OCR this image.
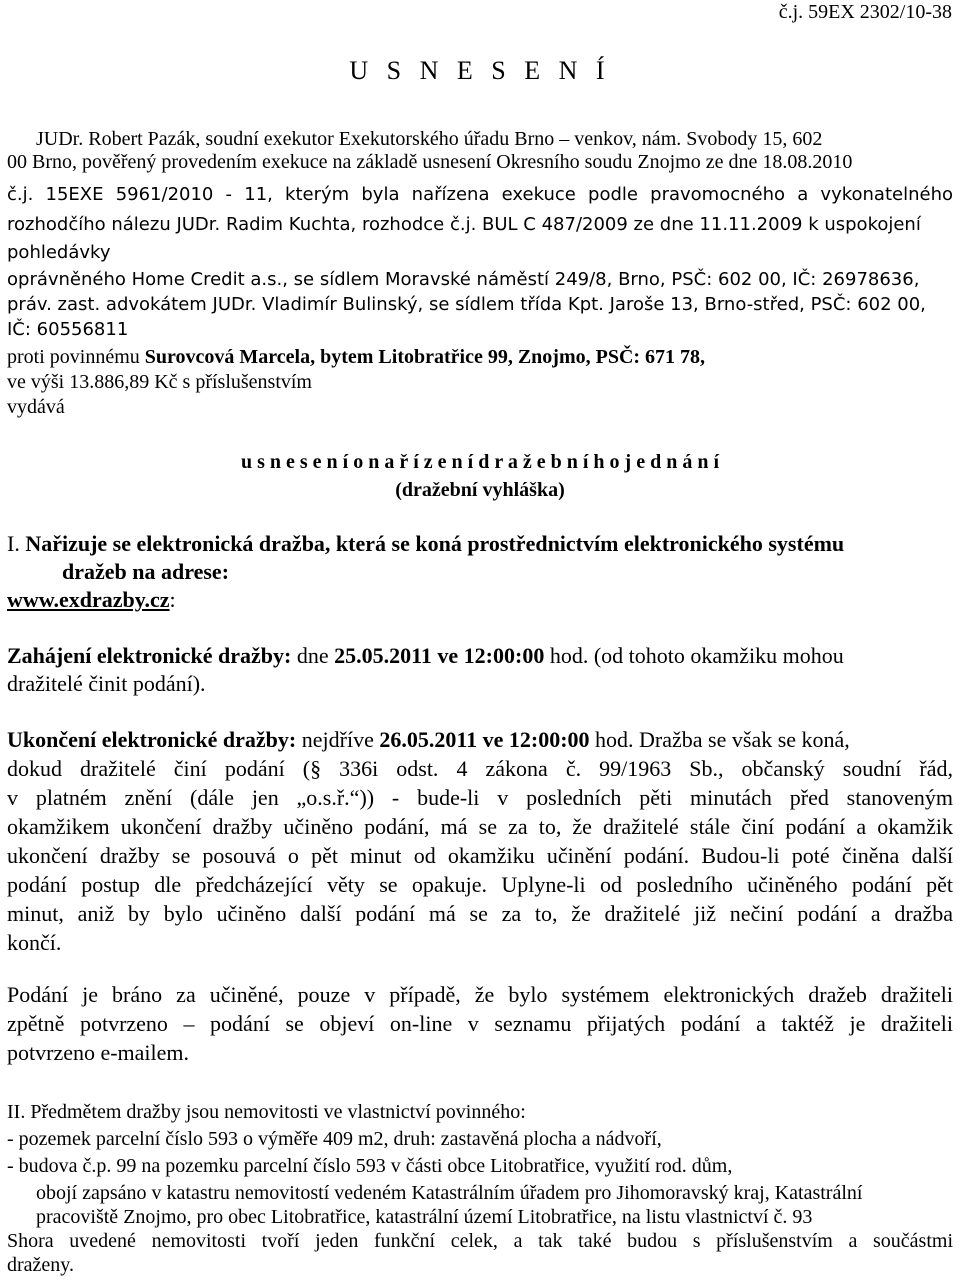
č.j. 59EX 2302/10-38
U S N E S E N Í
JUDr. Robert Pazák, soudní exekutor Exekutorského úřadu Brno – venkov, nám. Svobody 15, 602
00 Brno, pověřený provedením exekuce na základě usnesení Okresního soudu Znojmo ze dne 18.08.2010
č.j. 15EXE 5961/2010 - 11, kterým byla nařízena exekuce podle pravomocného a vykonatelného
rozhodčího nálezu JUDr. Radim Kuchta, rozhodce č.j. BUL C 487/2009 ze dne 11.11.2009 k uspokojení
pohledávky
oprávněného Home Credit a.s., se sídlem Moravské náměstí 249/8, Brno, PSČ: 602 00, IČ: 26978636,
práv. zast. advokátem JUDr. Vladimír Bulinský, se sídlem třída Kpt. Jaroše 13, Brno-střed, PSČ: 602 00,
IČ: 60556811
proti povinnému Surovcová Marcela, bytem Litobratřice 99, Znojmo, PSČ: 671 78,
ve výši 13.886,89 Kč s příslušenstvím
vydává
u s n e s e n í o n a ř í z e n í d r a ž e b n í h o j e d n á n í
(dražební vyhláška)
I. Nařizuje se elektronická dražba, která se koná prostřednictvím elektronického systému
dražeb na adrese:
www.exdrazby.cz:
Zahájení elektronické dražby: dne 25.05.2011 ve 12:00:00 hod. (od tohoto okamžiku mohou
dražitelé činit podání).
Ukončení elektronické dražby: nejdříve 26.05.2011 ve 12:00:00 hod. Dražba se však se koná,
dokud dražitelé činí podání (§ 336i odst. 4 zákona č. 99/1963 Sb., občanský soudní řád,
v platném znění (dále jen „o.s.ř.“)) - bude-li v posledních pěti minutách před stanoveným
okamžikem ukončení dražby učiněno podání, má se za to, že dražitelé stále činí podání a okamžik
ukončení dražby se posouvá o pět minut od okamžiku učinění podání. Budou-li poté činěna další
podání postup dle předcházející věty se opakuje. Uplyne-li od posledního učiněného podání pět
minut, aniž by bylo učiněno další podání má se za to, že dražitelé již nečiní podání a dražba
končí.
Podání je bráno za učiněné, pouze v případě, že bylo systémem elektronických dražeb dražiteli
zpětně potvrzeno – podání se objeví on-line v seznamu přijatých podání a taktéž je dražiteli
potvrzeno e-mailem.
II. Předmětem dražby jsou nemovitosti ve vlastnictví povinného:
- pozemek parcelní číslo 593 o výměře 409 m2, druh: zastavěná plocha a nádvoří,
- budova č.p. 99 na pozemku parcelní číslo 593 v části obce Litobratřice, využití rod. dům,
obojí zapsáno v katastru nemovitostí vedeném Katastrálním úřadem pro Jihomoravský kraj, Katastrální
pracoviště Znojmo, pro obec Litobratřice, katastrální území Litobratřice, na listu vlastnictví č. 93
Shora uvedené nemovitosti tvoří jeden funkční celek, a tak také budou s příslušenstvím a součástmi
draženy.
